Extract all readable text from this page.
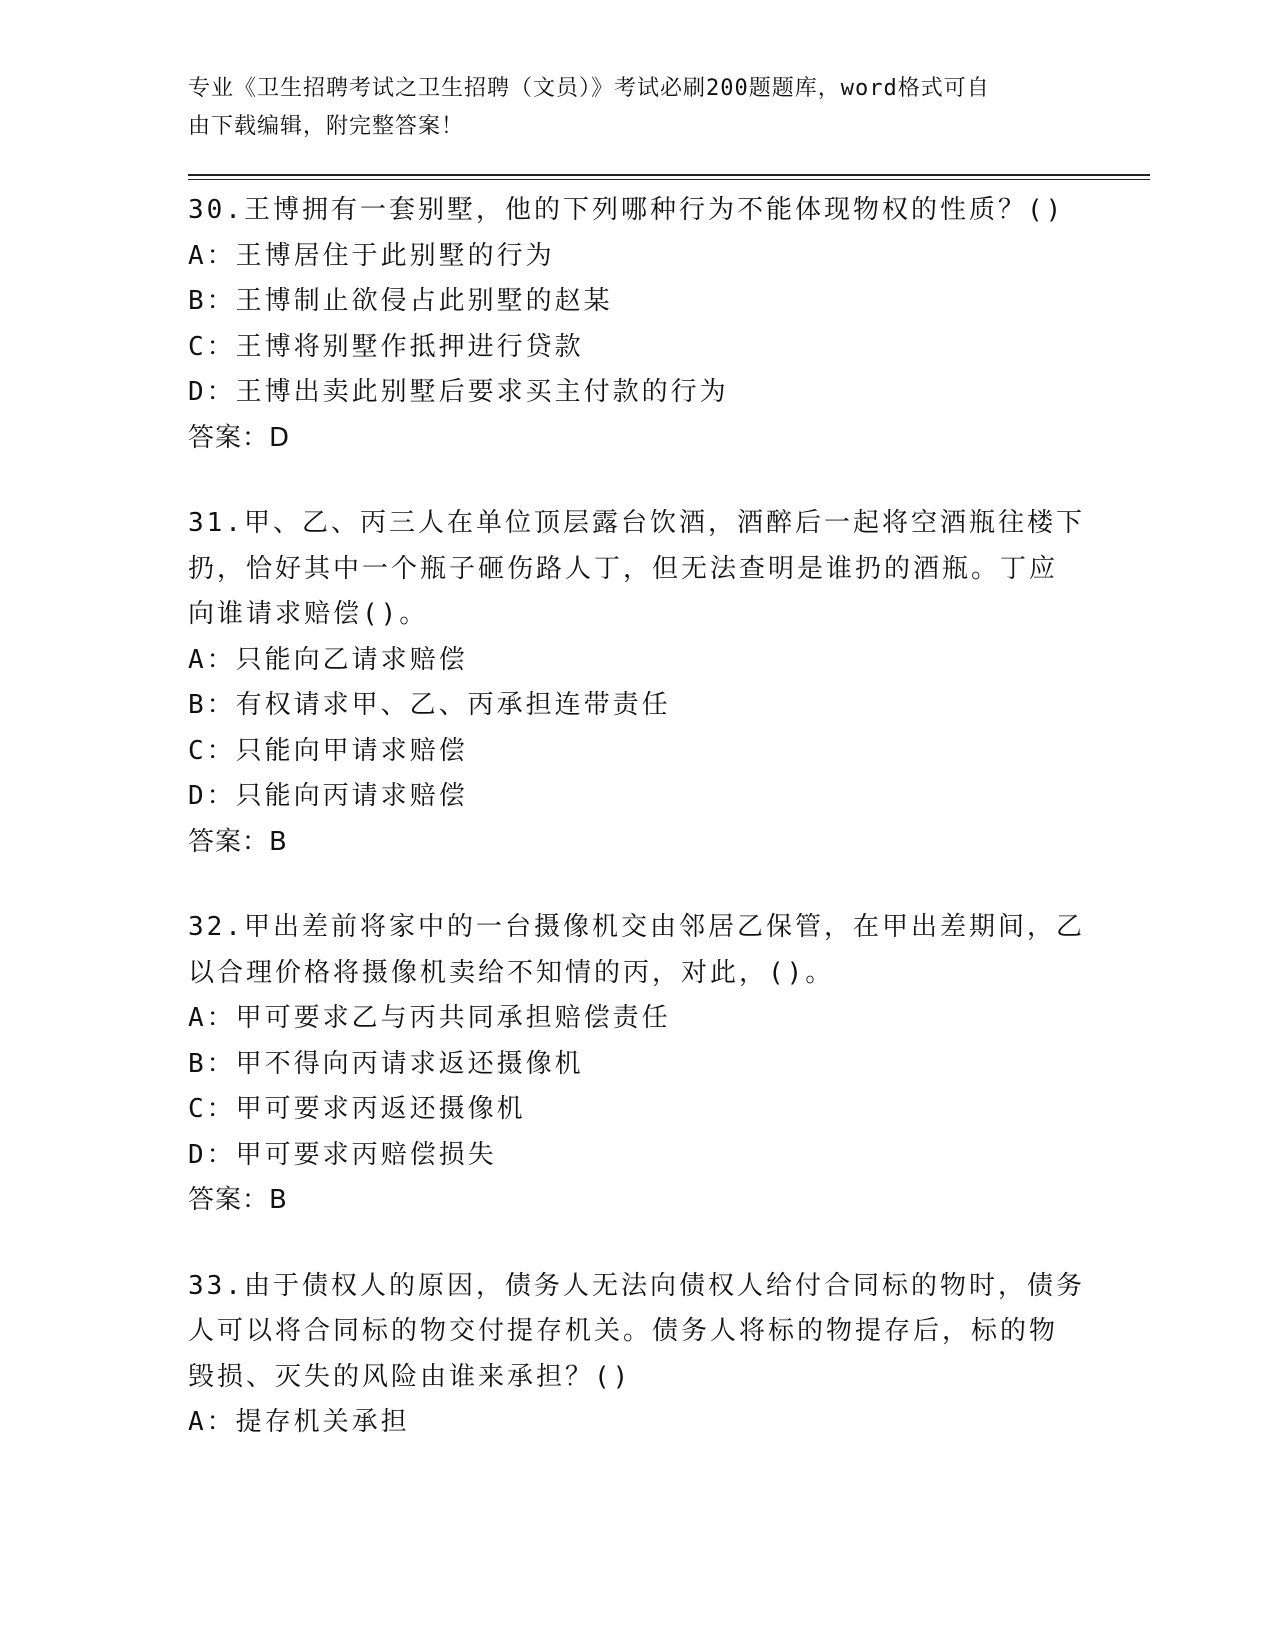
专业《卫生招聘考试之卫生招聘（文员）》考试必刷200题题库，word格式可自
由下载编辑，附完整答案！
30.王博拥有一套别墅，他的下列哪种行为不能体现物权的性质？()
A：王博居住于此别墅的行为
B：王博制止欲侵占此别墅的赵某
C：王博将别墅作抵押进行贷款
D：王博出卖此别墅后要求买主付款的行为
答案：D
31.甲、乙、丙三人在单位顶层露台饮酒，酒醉后一起将空酒瓶往楼下
扔，恰好其中一个瓶子砸伤路人丁，但无法查明是谁扔的酒瓶。丁应
向谁请求赔偿()。
A：只能向乙请求赔偿
B：有权请求甲、乙、丙承担连带责任
C：只能向甲请求赔偿
D：只能向丙请求赔偿
答案：B
32.甲出差前将家中的一台摄像机交由邻居乙保管，在甲出差期间，乙
以合理价格将摄像机卖给不知情的丙，对此，()。
A：甲可要求乙与丙共同承担赔偿责任
B：甲不得向丙请求返还摄像机
C：甲可要求丙返还摄像机
D：甲可要求丙赔偿损失
答案：B
33.由于债权人的原因，债务人无法向债权人给付合同标的物时，债务
人可以将合同标的物交付提存机关。债务人将标的物提存后，标的物
毁损、灭失的风险由谁来承担？()
A：提存机关承担
